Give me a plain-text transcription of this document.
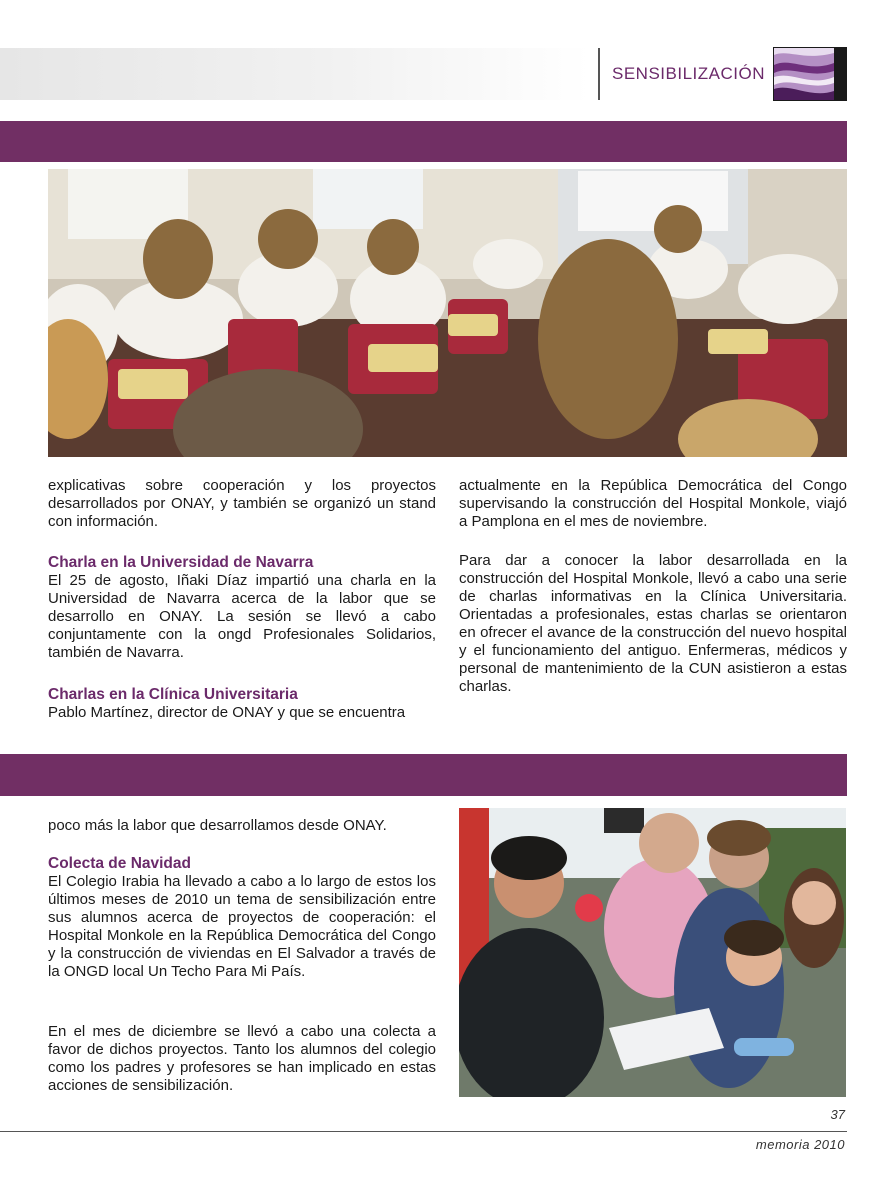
SENSIBILIZACIÓN
explicativas sobre cooperación y los proyectos desarrollados por ONAY, y también se organizó un stand con información.
Charla en la Universidad de Navarra
El 25 de agosto, Iñaki Díaz impartió una charla en la Universidad de Navarra acerca de la labor que se desarrollo en ONAY. La sesión se llevó a cabo conjuntamente con la ongd Profesionales Solidarios, también de Navarra.
Charlas en la Clínica Universitaria
Pablo Martínez, director de ONAY y que se encuentra
actualmente en la República Democrática del Congo supervisando la construcción del Hospital Monkole, viajó a Pamplona en el mes de noviembre.
Para dar a conocer la labor desarrollada en la construcción del Hospital Monkole, llevó a cabo una serie de charlas informativas en la Clínica Universitaria. Orientadas a profesionales, estas charlas se orientaron en ofrecer el avance de la construcción del nuevo hospital y el funcionamiento del antiguo. Enfermeras, médicos y personal de mantenimiento de la CUN asistieron a estas charlas.
poco más la labor que desarrollamos desde ONAY.
Colecta de Navidad
El Colegio Irabia ha llevado a cabo a lo largo de estos los últimos meses de 2010 un tema de sensibilización entre sus alumnos acerca de proyectos de cooperación: el Hospital Monkole en la República Democrática del Congo y la construcción de viviendas en El Salvador a través de la ONGD local Un Techo Para Mi País.
En el mes de diciembre se llevó a cabo una colecta a favor de dichos proyectos. Tanto los alumnos del colegio como los padres y profesores se han implicado en estas acciones de sensibilización.
37
memoria 2010
